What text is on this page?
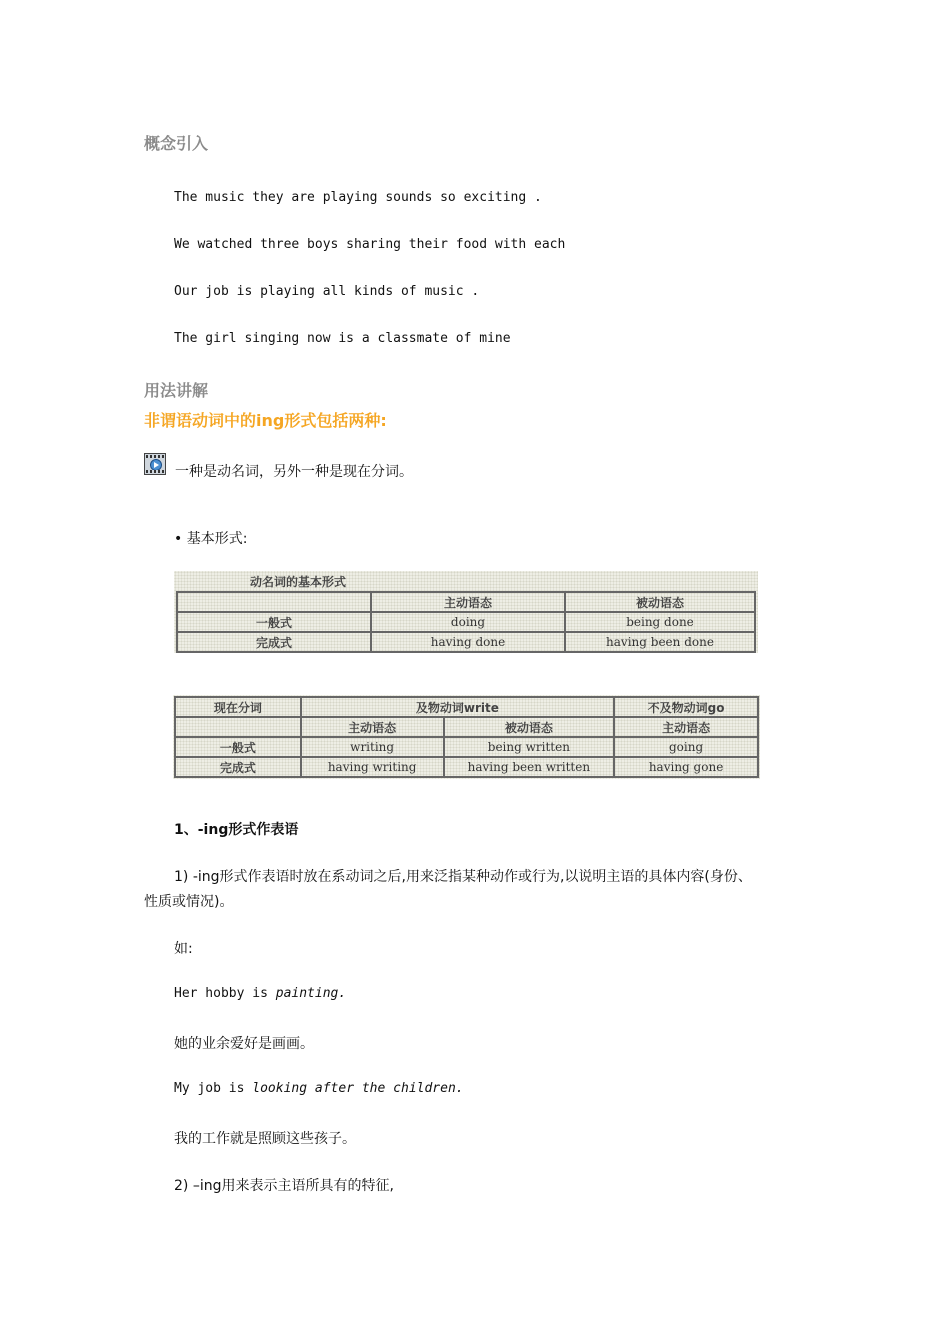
概念引入
The music they are playing sounds so exciting .
We watched three boys sharing their food with each
Our job is playing all kinds of music .
The girl singing now is a classmate of mine
用法讲解
非谓语动词中的ing形式包括两种:
一种是动名词，另外一种是现在分词。
• 基本形式:
动名词的基本形式
	主动语态	被动语态
一般式	doing	being done
完成式	having done	having been done
现在分词	及物动词write		不及物动词go
	主动语态	被动语态	主动语态
一般式	writing	being written	going
完成式	having writing	having been written	having gone
1、-ing形式作表语
1) -ing形式作表语时放在系动词之后,用来泛指某种动作或行为,以说明主语的具体内容(身份、
性质或情况)。
如:
Her hobby is painting.
她的业余爱好是画画。
My job is looking after the children.
我的工作就是照顾这些孩子。
2) –ing用来表示主语所具有的特征,
